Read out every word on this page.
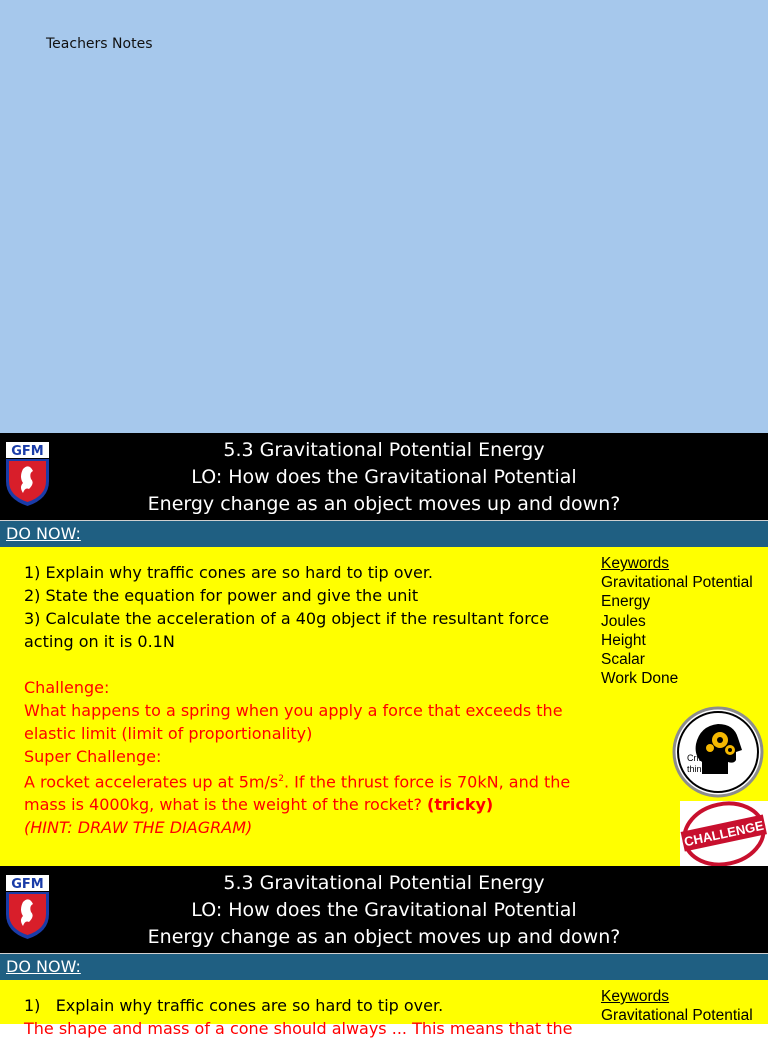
Teachers Notes
GFM	5.3 Gravitational Potential Energy
LO: How does the Gravitational Potential
Energy change as an object moves up and down?
DO NOW:

1) Explain why traffic cones are so hard to tip over.

2) State the equation for power and give the unit

3) Calculate the acceleration of a 40g object if the resultant force acting on it is 0.1N

Challenge:

What happens to a spring when you apply a force that exceeds the elastic limit (limit of proportionality)

Super Challenge:

A rocket accelerates up at $5m/s^2$. If the thrust force is 70kN, and the mass is 4000kg, what is the weight of the rocket? (tricky)

(HINT: DRAW THE DIAGRAM)

Keywords
Gravitational Potential
Energy
Joules
Height
Scalar
Work Done
Critical
thinking
CHALLENGE
GFM	5.3 Gravitational Potential Energy
LO: How does the Gravitational Potential
Energy change as an object moves up and down?
DO NOW:

1) Explain why traffic cones are so hard to tip over.

The shape and mass of a cone should always ... This means that the

Keywords
Gravitational Potential
